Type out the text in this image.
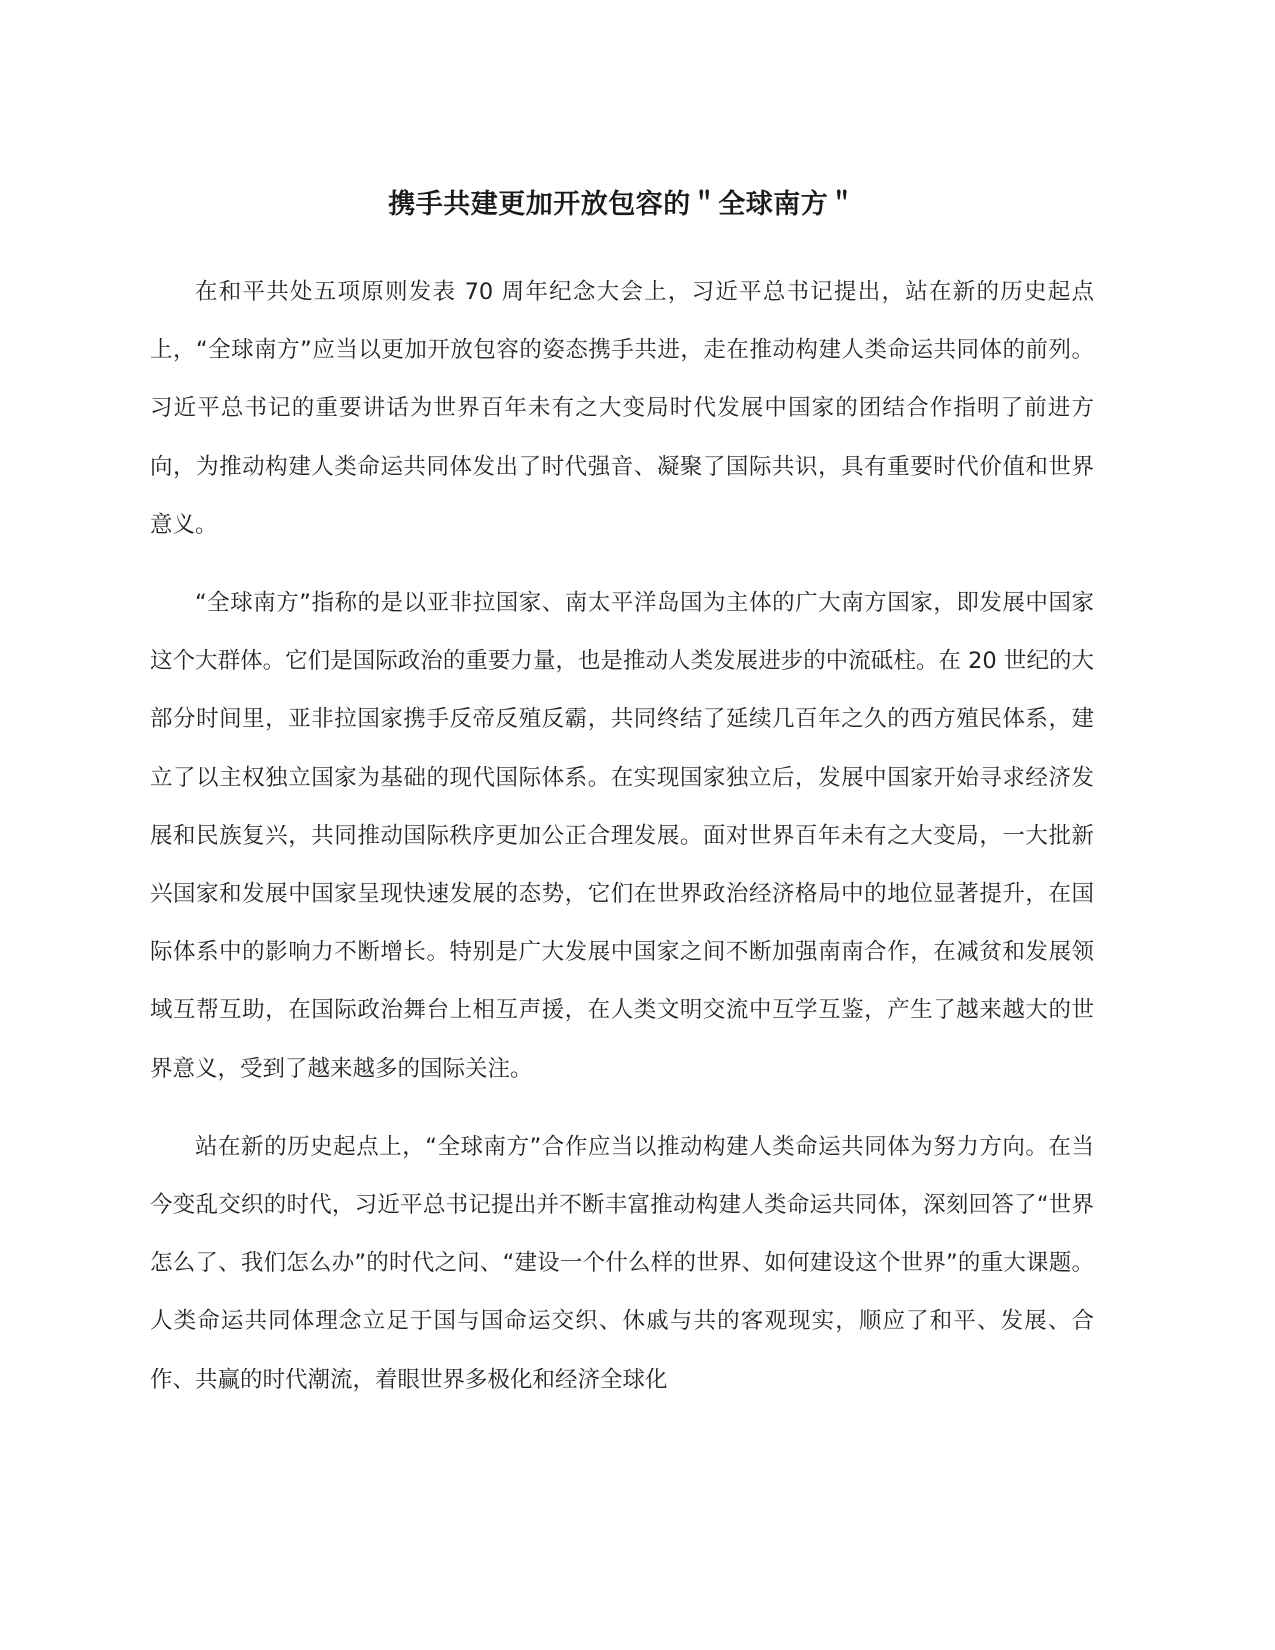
携手共建更加开放包容的＂全球南方＂

在和平共处五项原则发表 70 周年纪念大会上，习近平总书记提出，站在新的历史起点上，“全球南方”应当以更加开放包容的姿态携手共进，走在推动构建人类命运共同体的前列。习近平总书记的重要讲话为世界百年未有之大变局时代发展中国家的团结合作指明了前进方向，为推动构建人类命运共同体发出了时代强音、凝聚了国际共识，具有重要时代价值和世界意义。

“全球南方”指称的是以亚非拉国家、南太平洋岛国为主体的广大南方国家，即发展中国家这个大群体。它们是国际政治的重要力量，也是推动人类发展进步的中流砥柱。在 20 世纪的大部分时间里，亚非拉国家携手反帝反殖反霸，共同终结了延续几百年之久的西方殖民体系，建立了以主权独立国家为基础的现代国际体系。在实现国家独立后，发展中国家开始寻求经济发展和民族复兴，共同推动国际秩序更加公正合理发展。面对世界百年未有之大变局，一大批新兴国家和发展中国家呈现快速发展的态势，它们在世界政治经济格局中的地位显著提升，在国际体系中的影响力不断增长。特别是广大发展中国家之间不断加强南南合作，在减贫和发展领域互帮互助，在国际政治舞台上相互声援，在人类文明交流中互学互鉴，产生了越来越大的世界意义，受到了越来越多的国际关注。

站在新的历史起点上，“全球南方”合作应当以推动构建人类命运共同体为努力方向。在当今变乱交织的时代，习近平总书记提出并不断丰富推动构建人类命运共同体，深刻回答了“世界怎么了、我们怎么办”的时代之问、“建设一个什么样的世界、如何建设这个世界”的重大课题。人类命运共同体理念立足于国与国命运交织、休戚与共的客观现实，顺应了和平、发展、合作、共赢的时代潮流，着眼世界多极化和经济全球化
